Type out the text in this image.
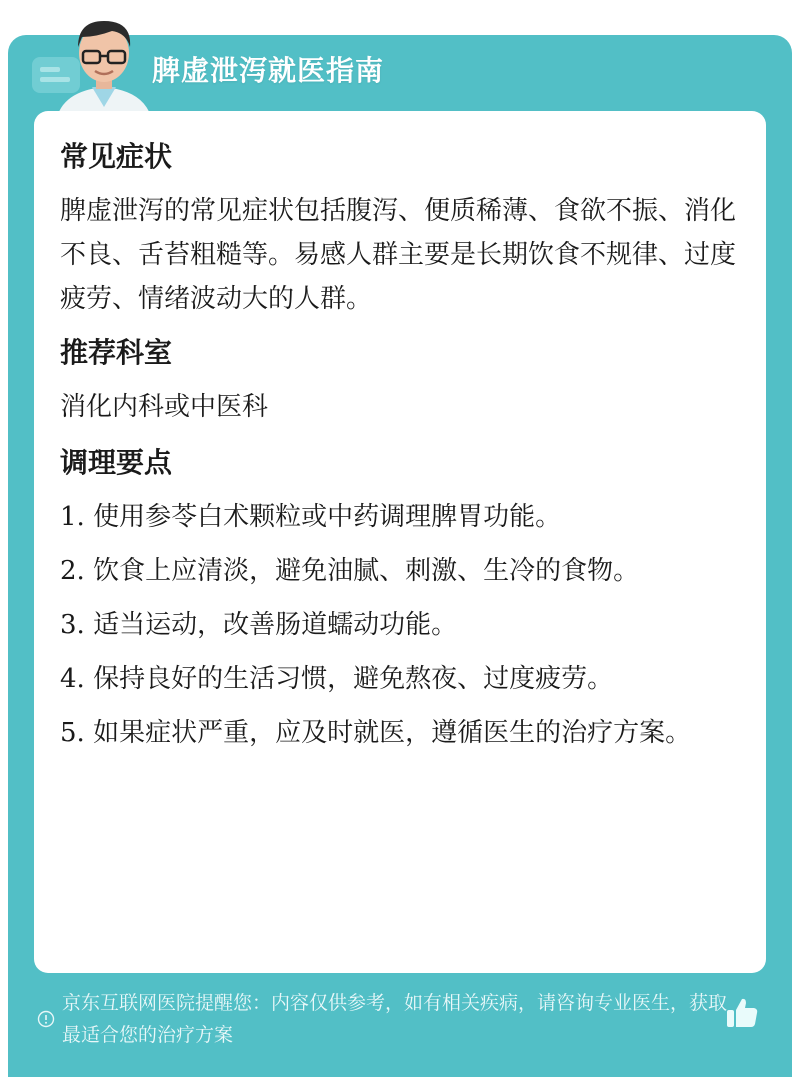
脾虚泄泻就医指南
常见症状
脾虚泄泻的常见症状包括腹泻、便质稀薄、食欲不振、消化不良、舌苔粗糙等。易感人群主要是长期饮食不规律、过度疲劳、情绪波动大的人群。
推荐科室
消化内科或中医科
调理要点
1. 使用参苓白术颗粒或中药调理脾胃功能。
2. 饮食上应清淡，避免油腻、刺激、生冷的食物。
3. 适当运动，改善肠道蠕动功能。
4. 保持良好的生活习惯，避免熬夜、过度疲劳。
5. 如果症状严重，应及时就医，遵循医生的治疗方案。
京东互联网医院提醒您：内容仅供参考，如有相关疾病，请咨询专业医生，获取最适合您的治疗方案
